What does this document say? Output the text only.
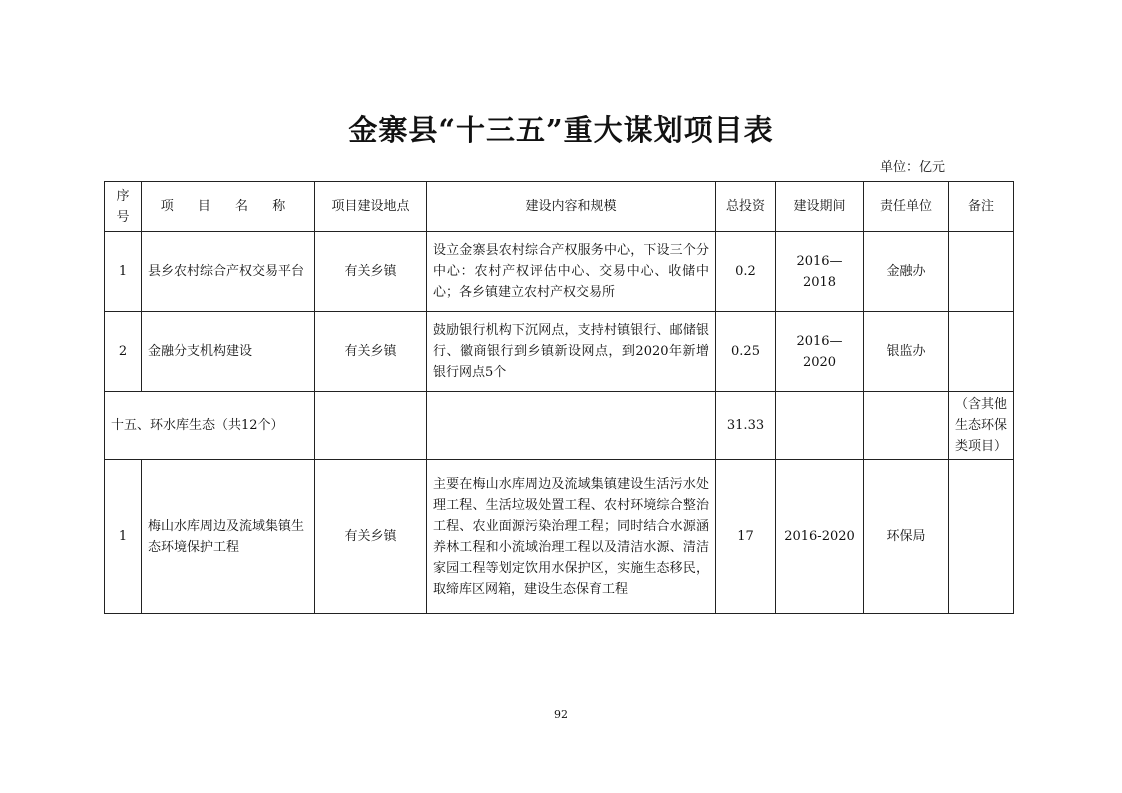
金寨县“十三五”重大谋划项目表
单位：亿元
序号	项 目 名 称	项目建设地点	建设内容和规模	总投资	建设期间	责任单位	备注
1	县乡农村综合产权交易平台	有关乡镇	设立金寨县农村综合产权服务中心，下设三个分中心：农村产权评估中心、交易中心、收储中心；各乡镇建立农村产权交易所	0.2	2016—2018	金融办	
2	金融分支机构建设	有关乡镇	鼓励银行机构下沉网点，支持村镇银行、邮储银行、徽商银行到乡镇新设网点，到2020年新增银行网点5个	0.25	2016—2020	银监办	
十五、环水库生态（共12个）				31.33			（含其他生态环保类项目）
1	梅山水库周边及流域集镇生态环境保护工程	有关乡镇	主要在梅山水库周边及流域集镇建设生活污水处理工程、生活垃圾处置工程、农村环境综合整治工程、农业面源污染治理工程；同时结合水源涵养林工程和小流域治理工程以及清洁水源、清洁家园工程等划定饮用水保护区，实施生态移民，取缔库区网箱，建设生态保育工程	17	2016-2020	环保局	
92
